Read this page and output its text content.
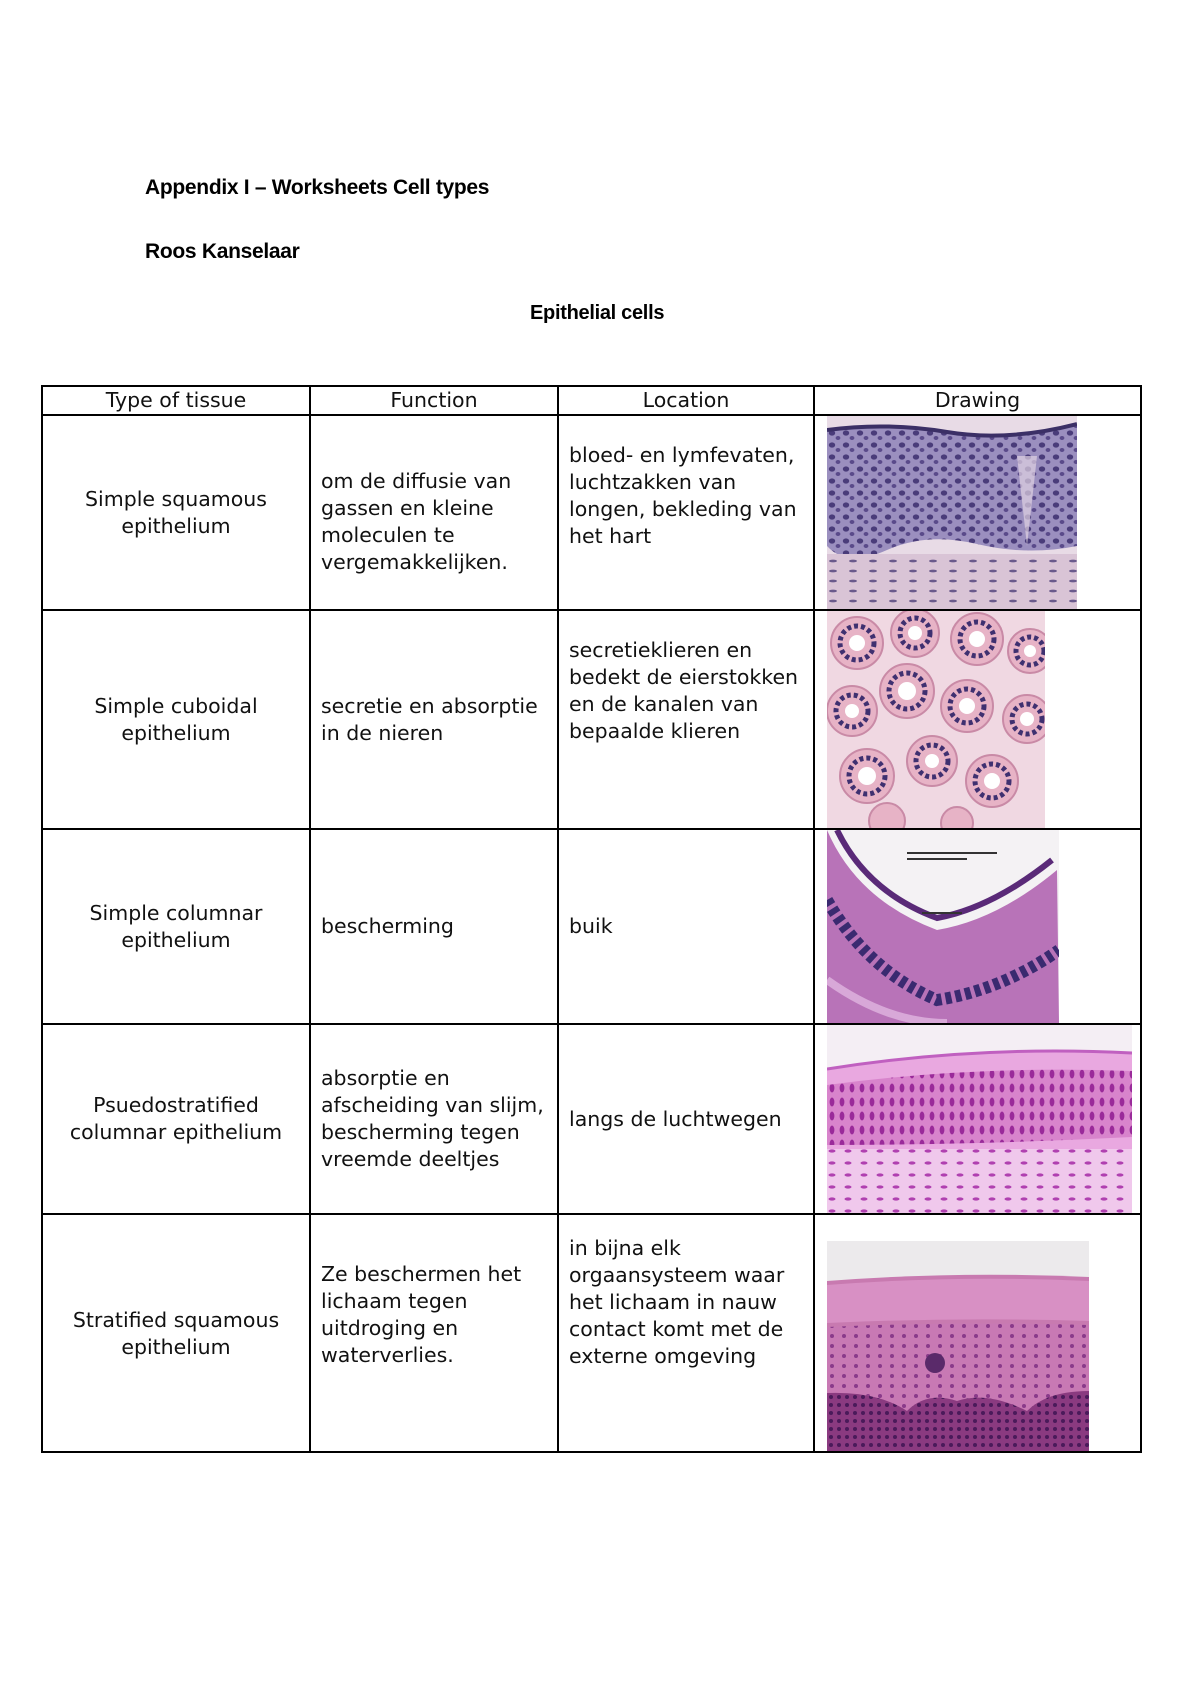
Appendix I – Worksheets Cell types
Roos Kanselaar
Epithelial cells
Type of tissue	Function	Location	Drawing
Simple squamous epithelium	om de diffusie van gassen en kleine moleculen te vergemakkelijken.	bloed- en lymfevaten, luchtzakken van longen, bekleding van het hart

Simple cuboidal epithelium	secretie en absorptie in de nieren	secretieklieren en bedekt de eierstokken en de kanalen van bepaalde klieren

Simple columnar epithelium	bescherming	buik

Psuedostratified columnar epithelium	absorptie en afscheiding van slijm, bescherming tegen vreemde deeltjes	langs de luchtwegen

Stratified squamous epithelium	Ze beschermen het lichaam tegen uitdroging en waterverlies.	in bijna elk orgaansysteem waar het lichaam in nauw contact komt met de externe omgeving
